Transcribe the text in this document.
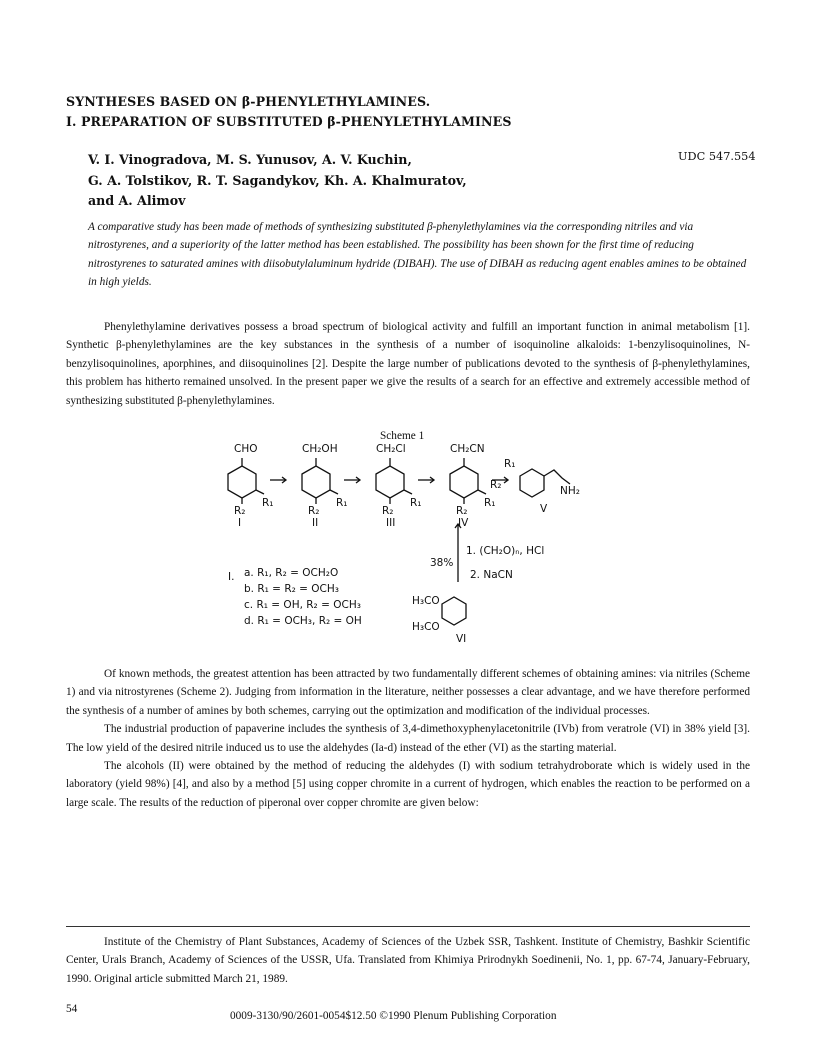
SYNTHESES BASED ON β-PHENYLETHYLAMINES.
I. PREPARATION OF SUBSTITUTED β-PHENYLETHYLAMINES
V. I. Vinogradova, M. S. Yunusov, A. V. Kuchin,
G. A. Tolstikov, R. T. Sagandykov, Kh. A. Khalmuratov,
and A. Alimov
UDC 547.554

A comparative study has been made of methods of synthesizing substituted β-phenylethylamines via the corresponding nitriles and via nitrostyrenes, and a superiority of the latter method has been established. The possibility has been shown for the first time of reducing nitrostyrenes to saturated amines with diisobutylaluminum hydride (DIBAH). The use of DIBAH as reducing agent enables amines to be obtained in high yields.

Phenylethylamine derivatives possess a broad spectrum of biological activity and fulfill an important function in animal metabolism [1]. Synthetic β-phenylethylamines are the key substances in the synthesis of a number of isoquinoline alkaloids: 1-benzylisoquinolines, N-benzylisoquinolines, aporphines, and diisoquinolines [2]. Despite the large number of publications devoted to the synthesis of β-phenylethylamines, this problem has hitherto remained unsolved. In the present paper we give the results of a search for an effective and extremely accessible method of synthesizing substituted β-phenylethylamines.

Scheme 1
CHO	CH₂OH	CH₂Cl	CH₂CN
NH₂
R₁
R₂
R₁
R₂
R₁
R₂
R₁
R₂
R₁
R₂
I	II	III	IV
V
VI
38%
1. (CH₂O)ₙ, HCl
2. NaCN
H₃CO
H₃CO
I. a. R₁, R₂ = OCH₂O
b. R₁ = R₂ = OCH₃
c. R₁ = OH, R₂ = OCH₃
d. R₁ = OCH₃, R₂ = OH

Of known methods, the greatest attention has been attracted by two fundamentally different schemes of obtaining amines: via nitriles (Scheme 1) and via nitrostyrenes (Scheme 2). Judging from information in the literature, neither possesses a clear advantage, and we have therefore performed the synthesis of a number of amines by both schemes, carrying out the optimization and modification of the individual processes.

The industrial production of papaverine includes the synthesis of 3,4-dimethoxyphenylacetonitrile (IVb) from veratrole (VI) in 38% yield [3]. The low yield of the desired nitrile induced us to use the aldehydes (Ia-d) instead of the ether (VI) as the starting material.

The alcohols (II) were obtained by the method of reducing the aldehydes (I) with sodium tetrahydroborate which is widely used in the laboratory (yield 98%) [4], and also by a method [5] using copper chromite in a current of hydrogen, which enables the reaction to be performed on a large scale. The results of the reduction of piperonal over copper chromite are given below:

Institute of the Chemistry of Plant Substances, Academy of Sciences of the Uzbek SSR, Tashkent. Institute of Chemistry, Bashkir Scientific Center, Urals Branch, Academy of Sciences of the USSR, Ufa. Translated from Khimiya Prirodnykh Soedinenii, No. 1, pp. 67-74, January-February, 1990. Original article submitted March 21, 1989.

54
0009-3130/90/2601-0054$12.50 ©1990 Plenum Publishing Corporation
